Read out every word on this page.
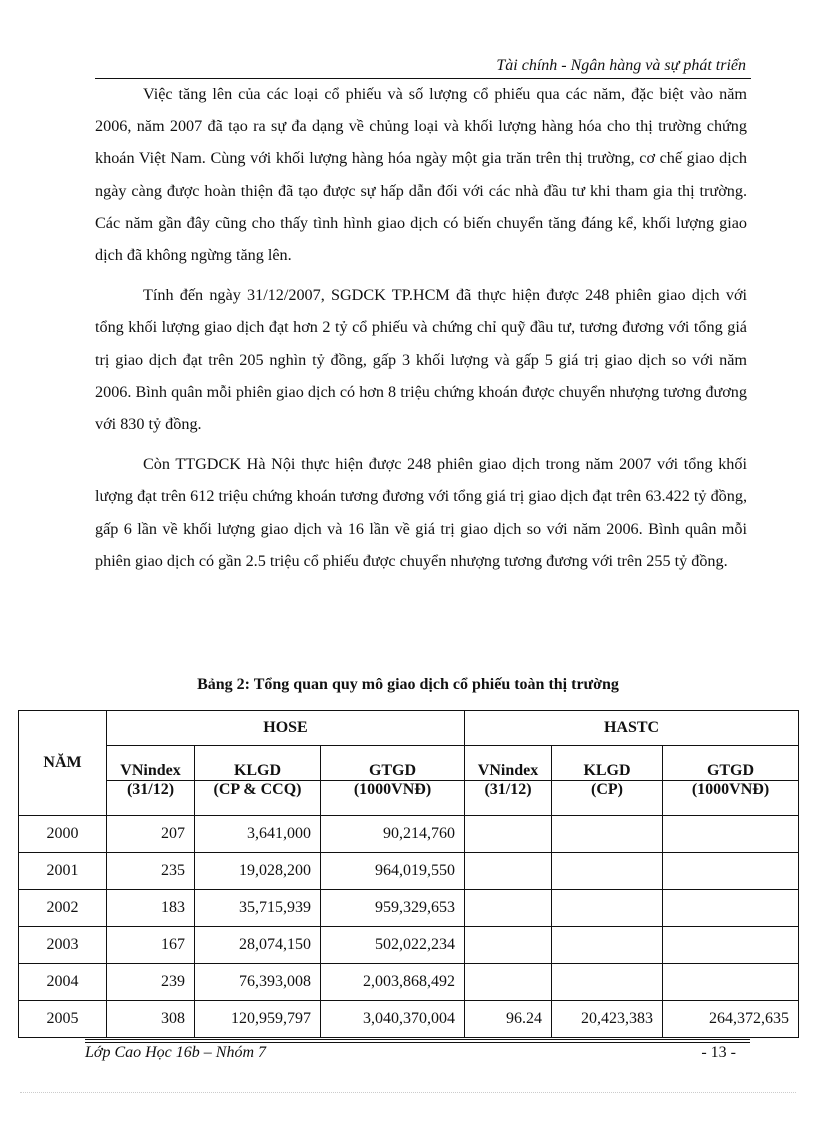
Tài chính - Ngân hàng và sự phát triển

Việc tăng lên của các loại cổ phiếu và số lượng cổ phiếu qua các năm, đặc biệt vào năm 2006, năm 2007 đã tạo ra sự đa dạng về chủng loại và khối lượng hàng hóa cho thị trường chứng khoán Việt Nam. Cùng với khối lượng hàng hóa ngày một gia trăn trên thị trường, cơ chế giao dịch ngày càng được hoàn thiện đã tạo được sự hấp dẫn đối với các nhà đầu tư khi tham gia thị trường. Các năm gần đây cũng cho thấy tình hình giao dịch có biến chuyển tăng đáng kể, khối lượng giao dịch đã không ngừng tăng lên.

Tính đến ngày 31/12/2007, SGDCK TP.HCM đã thực hiện được 248 phiên giao dịch với tổng khối lượng giao dịch đạt hơn 2 tỷ cổ phiếu và chứng chỉ quỹ đầu tư, tương đương với tổng giá trị giao dịch đạt trên 205 nghìn tỷ đồng, gấp 3 khối lượng và gấp 5 giá trị giao dịch so với năm 2006. Bình quân mỗi phiên giao dịch có hơn 8 triệu chứng khoán được chuyển nhượng tương đương với 830 tỷ đồng.

Còn TTGDCK Hà Nội thực hiện được 248 phiên giao dịch trong năm 2007 với tổng khối lượng đạt trên 612 triệu chứng khoán tương đương với tổng giá trị giao dịch đạt trên 63.422 tỷ đồng, gấp 6 lần về khối lượng giao dịch và 16 lần về giá trị giao dịch so với năm 2006. Bình quân mỗi phiên giao dịch có gần 2.5 triệu cổ phiếu được chuyển nhượng tương đương với trên 255 tỷ đồng.

Bảng 2: Tổng quan quy mô giao dịch cổ phiếu toàn thị trường
NĂM	HOSE			HASTC		
	VNindex	KLGD	GTGD	VNindex	KLGD	GTGD
	(31/12)	(CP & CCQ)	(1000VNĐ)	(31/12)	(CP)	(1000VNĐ)
2000	207	3,641,000	90,214,760			
2001	235	19,028,200	964,019,550			
2002	183	35,715,939	959,329,653			
2003	167	28,074,150	502,022,234			
2004	239	76,393,008	2,003,868,492			
2005	308	120,959,797	3,040,370,004	96.24	20,423,383	264,372,635
Lớp Cao Học 16b – Nhóm 7	- 13 -
